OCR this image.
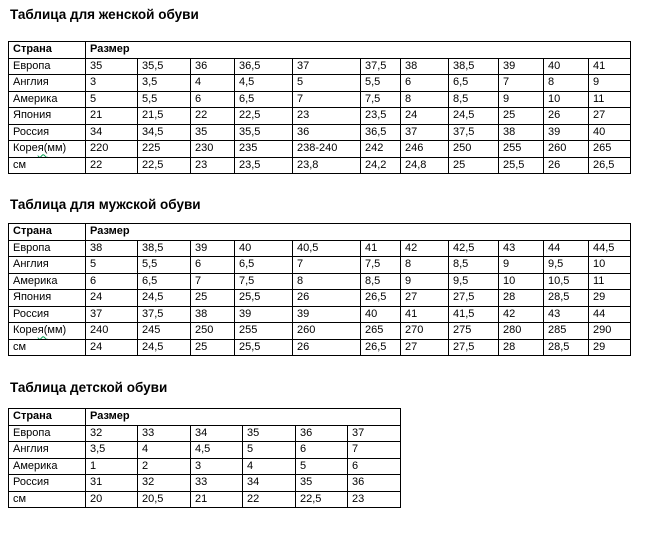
Таблица для женской обуви
Страна	Размер										
Европа	35	35,5	36	36,5	37	37,5	38	38,5	39	40	41
Англия	3	3,5	4	4,5	5	5,5	6	6,5	7	8	9
Америка	5	5,5	6	6,5	7	7,5	8	8,5	9	10	11
Япония	21	21,5	22	22,5	23	23,5	24	24,5	25	26	27
Россия	34	34,5	35	35,5	36	36,5	37	37,5	38	39	40
Корея(мм)	220	225	230	235	238-240	242	246	250	255	260	265
см	22	22,5	23	23,5	23,8	24,2	24,8	25	25,5	26	26,5
Таблица для мужской обуви
Страна	Размер										
Европа	38	38,5	39	40	40,5	41	42	42,5	43	44	44,5
Англия	5	5,5	6	6,5	7	7,5	8	8,5	9	9,5	10
Америка	6	6,5	7	7,5	8	8,5	9	9,5	10	10,5	11
Япония	24	24,5	25	25,5	26	26,5	27	27,5	28	28,5	29
Россия	37	37,5	38	39	39	40	41	41,5	42	43	44
Корея(мм)	240	245	250	255	260	265	270	275	280	285	290
см	24	24,5	25	25,5	26	26,5	27	27,5	28	28,5	29
Таблица детской обуви
Страна	Размер					
Европа	32	33	34	35	36	37
Англия	3,5	4	4,5	5	6	7
Америка	1	2	3	4	5	6
Россия	31	32	33	34	35	36
см	20	20,5	21	22	22,5	23
